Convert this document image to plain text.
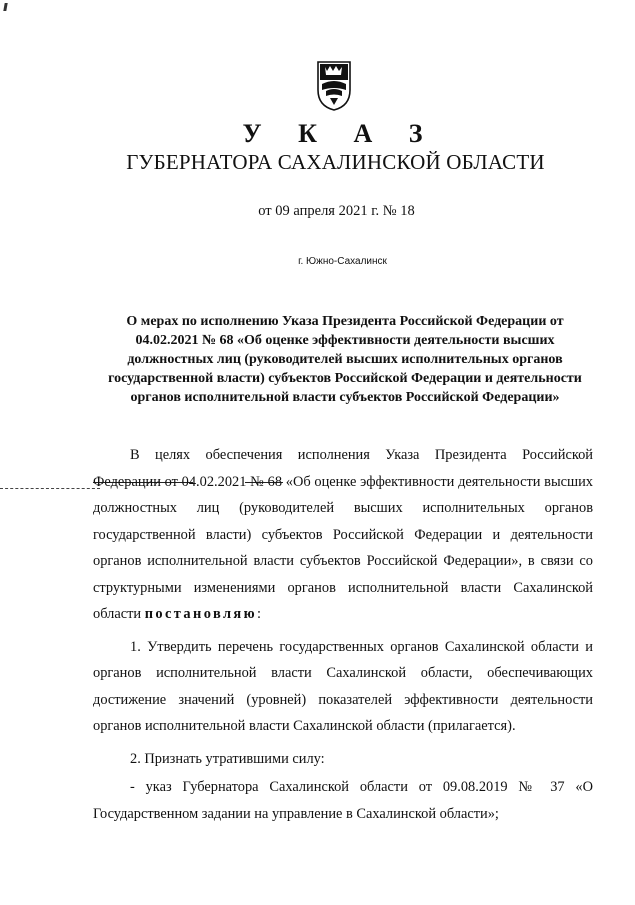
У К А З
ГУБЕРНАТОРА САХАЛИНСКОЙ ОБЛАСТИ
от 09 апреля 2021 г. № 18
г. Южно-Сахалинск
О мерах по исполнению Указа Президента Российской Федерации от 04.02.2021 № 68 «Об оценке эффективности деятельности высших должностных лиц (руководителей высших исполнительных органов государственной власти) субъектов Российской Федерации и деятельности органов исполнительной власти субъектов Российской Федерации»

В целях обеспечения исполнения Указа Президента Российской Федерации от 04.02.2021 № 68 «Об оценке эффективности деятельности высших должностных лиц (руководителей высших исполнительных органов государственной власти) субъектов Российской Федерации и деятельности органов исполнительной власти субъектов Российской Федерации», в связи со структурными изменениями органов исполнительной власти Сахалинской области постановляю:

1. Утвердить перечень государственных органов Сахалинской области и органов исполнительной власти Сахалинской области, обеспечивающих достижение значений (уровней) показателей эффективности деятельности органов исполнительной власти Сахалинской области (прилагается).

2. Признать утратившими силу:

- указ Губернатора Сахалинской области от 09.08.2019 № 37 «О Государственном задании на управление в Сахалинской области»;
